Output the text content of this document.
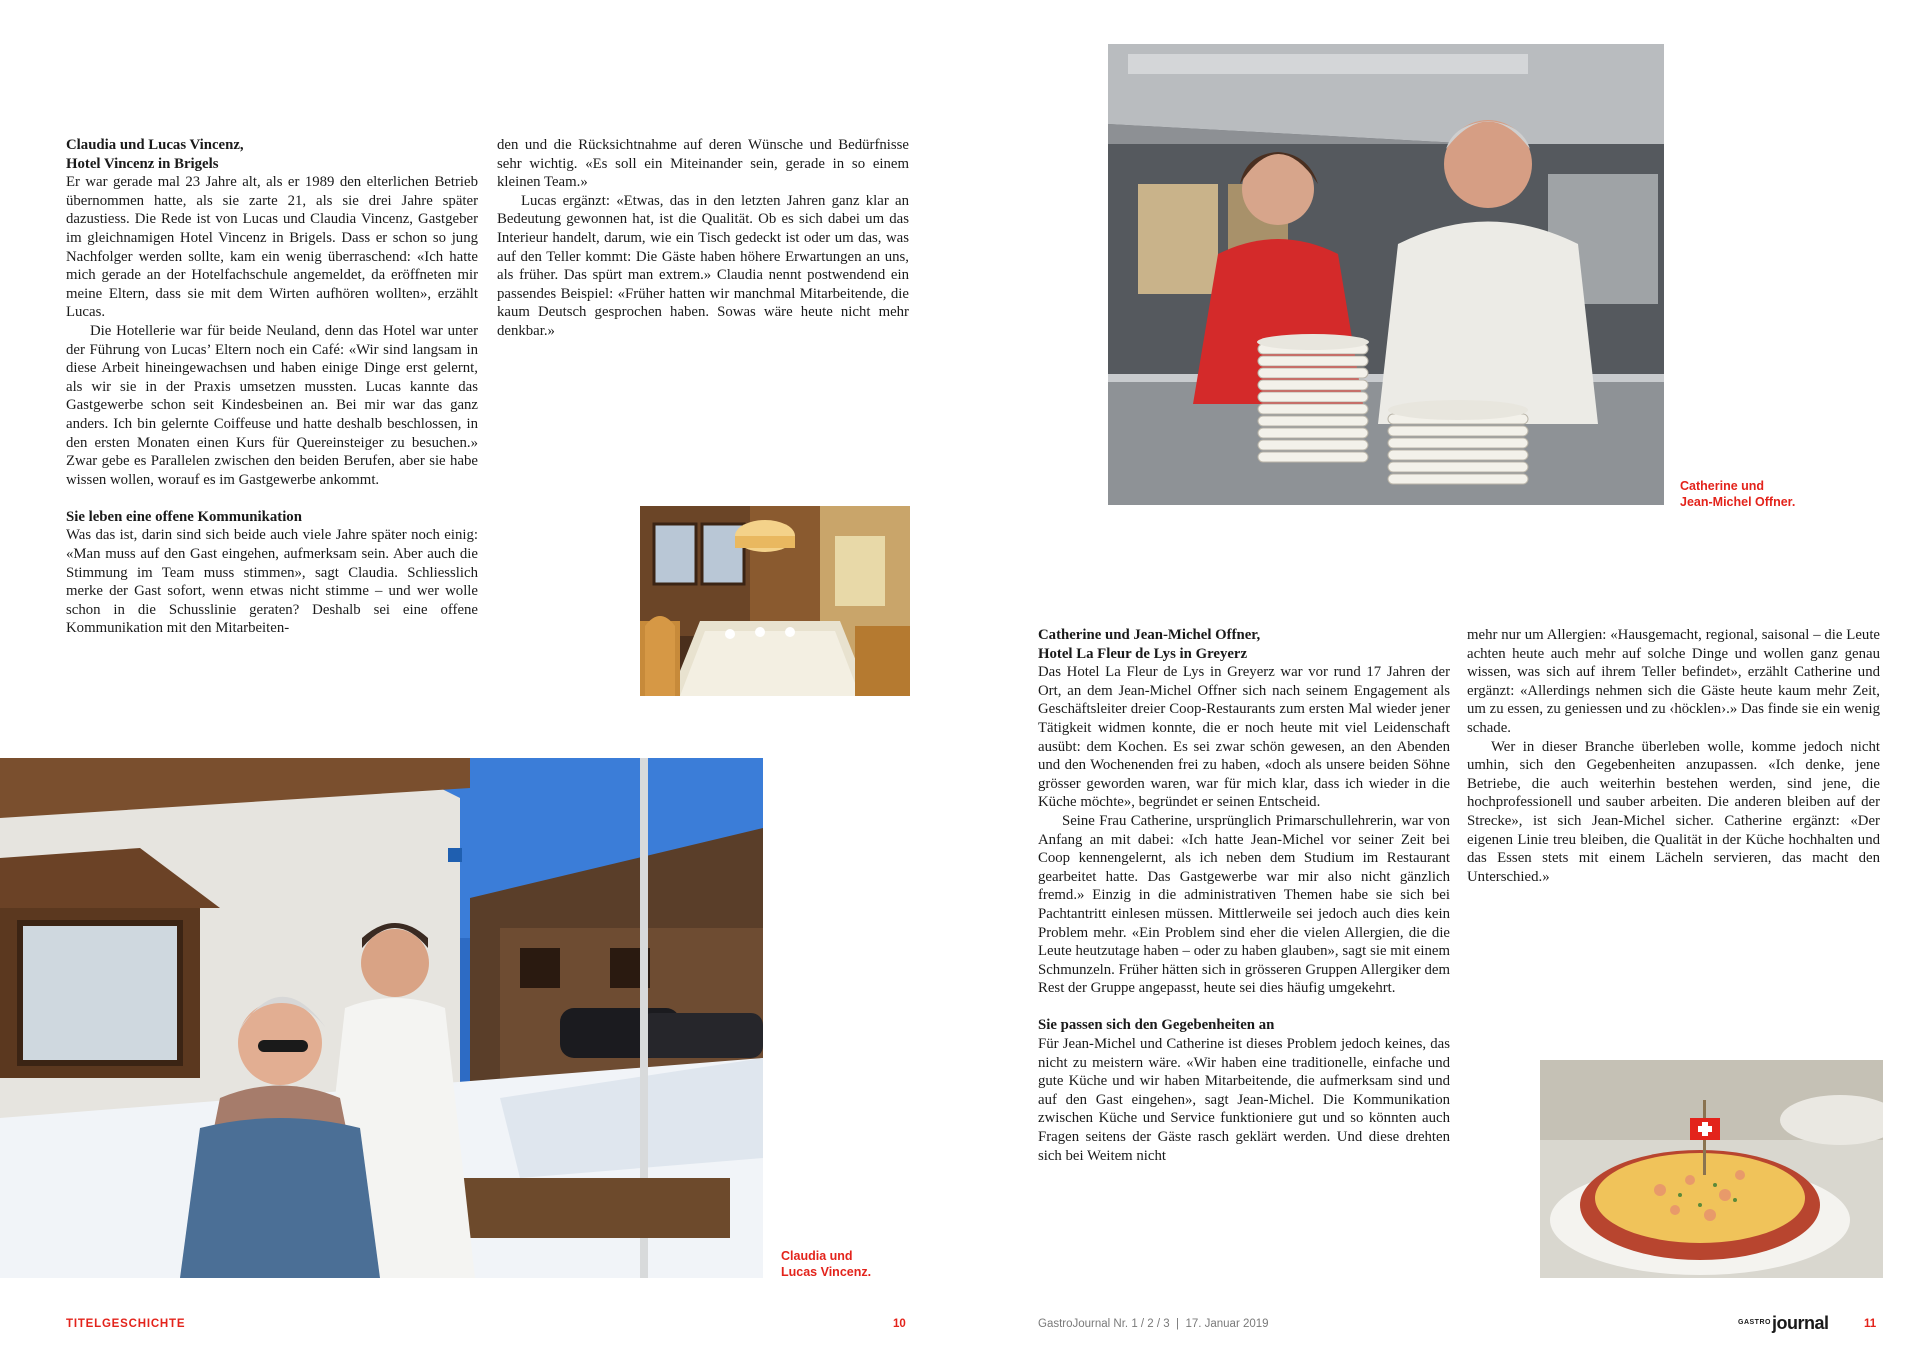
Claudia und Lucas Vincenz,

Hotel Vincenz in Brigels

Er war gerade mal 23 Jahre alt, als er 1989 den elterlichen Betrieb übernommen hatte, als sie zarte 21, als sie drei Jahre später dazustiess. Die Rede ist von Lucas und Claudia Vincenz, Gastgeber im gleichnamigen Hotel Vincenz in Brigels. Dass er schon so jung Nachfolger werden sollte, kam ein wenig überraschend: «Ich hatte mich gerade an der Hotelfachschule angemeldet, da eröffneten mir meine Eltern, dass sie mit dem Wirten aufhören wollten», erzählt Lucas.

Die Hotellerie war für beide Neuland, denn das Hotel war unter der Führung von Lucas’ Eltern noch ein Café: «Wir sind langsam in diese Arbeit hineingewachsen und haben einige Dinge erst gelernt, als wir sie in der Praxis umsetzen mussten. Lucas kannte das Gastgewerbe schon seit Kindesbeinen an. Bei mir war das ganz anders. Ich bin gelernte Coiffeuse und hatte deshalb beschlossen, in den ersten Monaten einen Kurs für Quereinsteiger zu besuchen.» Zwar gebe es Parallelen zwischen den beiden Berufen, aber sie habe wissen wollen, worauf es im Gastgewerbe ankommt.

Sie leben eine offene Kommunikation

Was das ist, darin sind sich beide auch viele Jahre später noch einig: «Man muss auf den Gast eingehen, aufmerksam sein. Aber auch die Stimmung im Team muss stimmen», sagt Claudia. Schliesslich merke der Gast sofort, wenn etwas nicht stimme – und wer wolle schon in die Schusslinie geraten? Deshalb sei eine offene Kommunikation mit den Mitarbeiten-

den und die Rücksichtnahme auf deren Wünsche und Bedürfnisse sehr wichtig. «Es soll ein Miteinander sein, gerade in so einem kleinen Team.»

Lucas ergänzt: «Etwas, das in den letzten Jahren ganz klar an Bedeutung gewonnen hat, ist die Qualität. Ob es sich dabei um das Interieur handelt, darum, wie ein Tisch gedeckt ist oder um das, was auf den Teller kommt: Die Gäste haben höhere Erwartungen an uns, als früher. Das spürt man extrem.» Claudia nennt postwendend ein passendes Beispiel: «Früher hatten wir manchmal Mitarbeitende, die kaum Deutsch gesprochen haben. Sowas wäre heute nicht mehr denkbar.»

Claudia und
Lucas Vincenz.
TITELGESCHICHTE	10
Catherine und
Jean-Michel Offner.

Catherine und Jean-Michel Offner,

Hotel La Fleur de Lys in Greyerz

Das Hotel La Fleur de Lys in Greyerz war vor rund 17 Jahren der Ort, an dem Jean-Michel Offner sich nach seinem Engagement als Geschäftsleiter dreier Coop-Restaurants zum ersten Mal wieder jener Tätigkeit widmen konnte, die er noch heute mit viel Leidenschaft ausübt: dem Kochen. Es sei zwar schön gewesen, an den Abenden und den Wochenenden frei zu haben, «doch als unsere beiden Söhne grösser geworden waren, war für mich klar, dass ich wieder in die Küche möchte», begründet er seinen Entscheid.

Seine Frau Catherine, ursprünglich Primarschullehrerin, war von Anfang an mit dabei: «Ich hatte Jean-Michel vor seiner Zeit bei Coop kennengelernt, als ich neben dem Studium im Restaurant gearbeitet hatte. Das Gastgewerbe war mir also nicht gänzlich fremd.» Einzig in die administrativen Themen habe sie sich bei Pachtantritt einlesen müssen. Mittlerweile sei jedoch auch dies kein Problem mehr. «Ein Problem sind eher die vielen Allergien, die die Leute heutzutage haben – oder zu haben glauben», sagt sie mit einem Schmunzeln. Früher hätten sich in grösseren Gruppen Allergiker dem Rest der Gruppe angepasst, heute sei dies häufig umgekehrt.

Sie passen sich den Gegebenheiten an

Für Jean-Michel und Catherine ist dieses Problem jedoch keines, das nicht zu meistern wäre. «Wir haben eine traditionelle, einfache und gute Küche und wir haben Mitarbeitende, die aufmerksam sind und auf den Gast eingehen», sagt Jean-Michel. Die Kommunikation zwischen Küche und Service funktioniere gut und so könnten auch Fragen seitens der Gäste rasch geklärt werden. Und diese drehten sich bei Weitem nicht

mehr nur um Allergien: «Hausgemacht, regional, saisonal – die Leute achten heute auch mehr auf solche Dinge und wollen ganz genau wissen, was sich auf ihrem Teller befindet», erzählt Catherine und ergänzt: «Allerdings nehmen sich die Gäste heute kaum mehr Zeit, um zu essen, zu geniessen und zu ‹höcklen›.» Das finde sie ein wenig schade.

Wer in dieser Branche überleben wolle, komme jedoch nicht umhin, sich den Gegebenheiten anzupassen. «Ich denke, jene Betriebe, die auch weiterhin bestehen werden, sind jene, die hochprofessionell und sauber arbeiten. Die anderen bleiben auf der Strecke», ist sich Jean-Michel sicher. Catherine ergänzt: «Der eigenen Linie treu bleiben, die Qualität in der Küche hochhalten und das Essen stets mit einem Lächeln servieren, das macht den Unterschied.»

GastroJournal Nr. 1 / 2 / 3  |  17. Januar 2019	$^{GASTRO}$journal	11
